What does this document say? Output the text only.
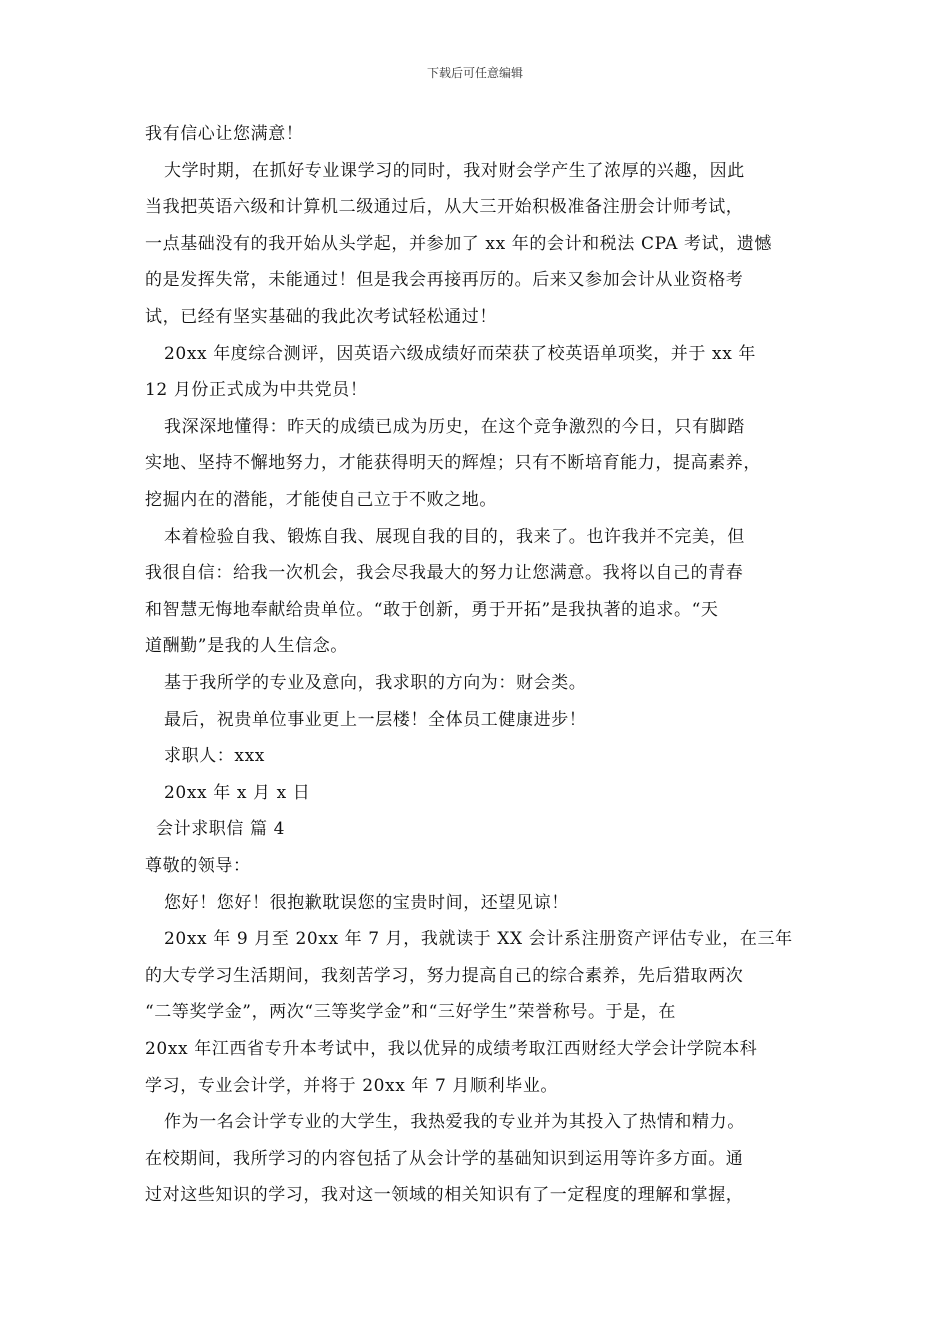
下载后可任意编辑
我有信心让您满意！
大学时期，在抓好专业课学习的同时，我对财会学产生了浓厚的兴趣，因此
当我把英语六级和计算机二级通过后，从大三开始积极准备注册会计师考试，
一点基础没有的我开始从头学起，并参加了 xx 年的会计和税法 CPA 考试，遗憾
的是发挥失常，未能通过！但是我会再接再厉的。后来又参加会计从业资格考
试，已经有坚实基础的我此次考试轻松通过！
20xx 年度综合测评，因英语六级成绩好而荣获了校英语单项奖，并于 xx 年
12 月份正式成为中共党员！
我深深地懂得：昨天的成绩已成为历史，在这个竞争激烈的今日，只有脚踏
实地、坚持不懈地努力，才能获得明天的辉煌；只有不断培育能力，提高素养，
挖掘内在的潜能，才能使自己立于不败之地。
本着检验自我、锻炼自我、展现自我的目的，我来了。也许我并不完美，但
我很自信：给我一次机会，我会尽我最大的努力让您满意。我将以自己的青春
和智慧无悔地奉献给贵单位。“敢于创新，勇于开拓”是我执著的追求。“天
道酬勤”是我的人生信念。
基于我所学的专业及意向，我求职的方向为：财会类。
最后，祝贵单位事业更上一层楼！全体员工健康进步！
求职人：xxx
20xx 年 x 月 x 日
会计求职信 篇 4
尊敬的领导：
您好！您好！很抱歉耽误您的宝贵时间，还望见谅！
20xx 年 9 月至 20xx 年 7 月，我就读于 XX 会计系注册资产评估专业，在三年
的大专学习生活期间，我刻苦学习，努力提高自己的综合素养，先后猎取两次
“二等奖学金”，两次“三等奖学金”和“三好学生”荣誉称号。于是，在
20xx 年江西省专升本考试中，我以优异的成绩考取江西财经大学会计学院本科
学习，专业会计学，并将于 20xx 年 7 月顺利毕业。
作为一名会计学专业的大学生，我热爱我的专业并为其投入了热情和精力。
在校期间，我所学习的内容包括了从会计学的基础知识到运用等许多方面。通
过对这些知识的学习，我对这一领域的相关知识有了一定程度的理解和掌握，
